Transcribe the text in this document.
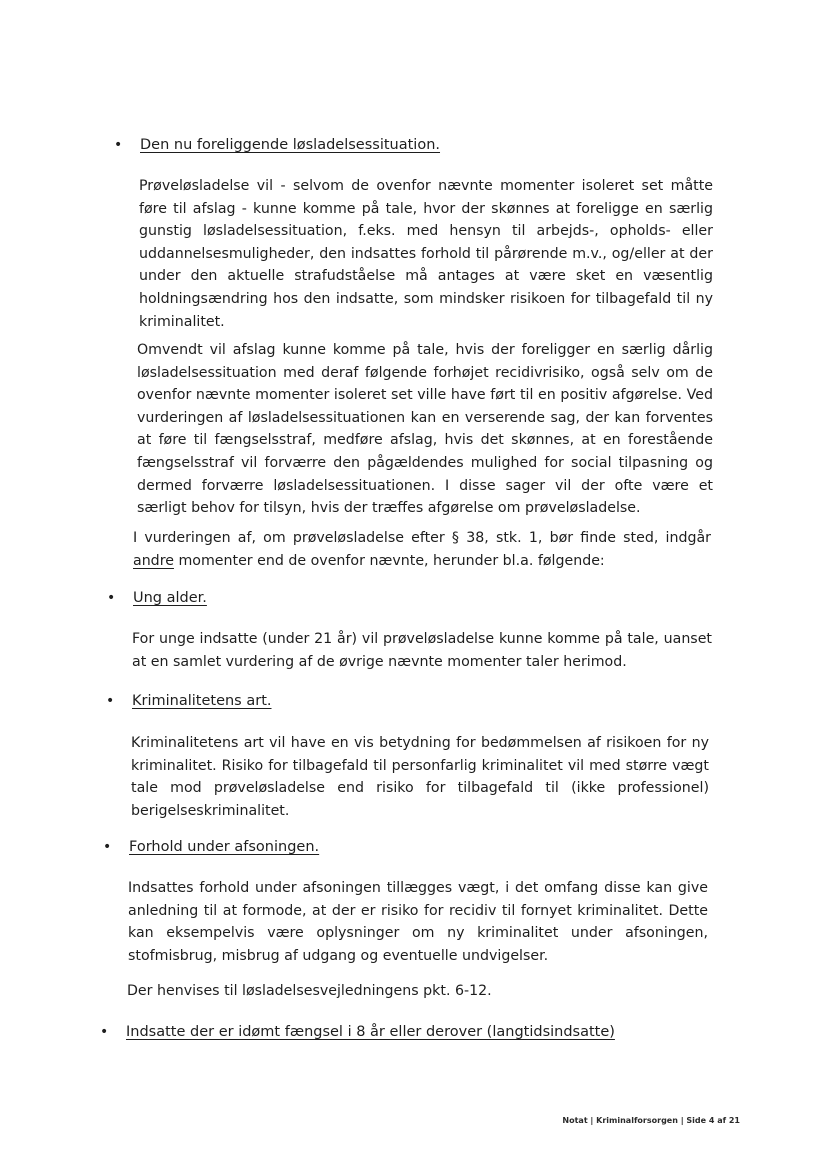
• Den nu foreliggende løsladelsessituation.

Prøveløsladelse vil - selvom de ovenfor nævnte momenter isoleret set måtte føre til afslag - kunne komme på tale, hvor der skønnes at foreligge en særlig gunstig løsladelsessituation, f.eks. med hensyn til arbejds-, opholds- eller uddannelsesmuligheder, den indsattes forhold til pårørende m.v., og/eller at der under den aktuelle strafudståelse må antages at være sket en væsentlig holdningsændring hos den indsatte, som mindsker risikoen for tilbagefald til ny kriminalitet.

Omvendt vil afslag kunne komme på tale, hvis der foreligger en særlig dårlig løsladelsessituation med deraf følgende forhøjet recidivrisiko, også selv om de ovenfor nævnte momenter isoleret set ville have ført til en positiv afgørelse. Ved vurderingen af løsladelsessituationen kan en verserende sag, der kan forventes at føre til fængselsstraf, medføre afslag, hvis det skønnes, at en forestående fængselsstraf vil forværre den pågældendes mulighed for social tilpasning og dermed forværre løsladelsessituationen. I disse sager vil der ofte være et særligt behov for tilsyn, hvis der træffes afgørelse om prøveløsladelse.

I vurderingen af, om prøveløsladelse efter § 38, stk. 1, bør finde sted, indgår andre momenter end de ovenfor nævnte, herunder bl.a. følgende:

• Ung alder.

For unge indsatte (under 21 år) vil prøveløsladelse kunne komme på tale, uanset at en samlet vurdering af de øvrige nævnte momenter taler herimod.

• Kriminalitetens art.

Kriminalitetens art vil have en vis betydning for bedømmelsen af risikoen for ny kriminalitet. Risiko for tilbagefald til personfarlig kriminalitet vil med større vægt tale mod prøveløsladelse end risiko for tilbagefald til (ikke professionel) berigelseskriminalitet.

• Forhold under afsoningen.

Indsattes forhold under afsoningen tillægges vægt, i det omfang disse kan give anledning til at formode, at der er risiko for recidiv til fornyet kriminalitet. Dette kan eksempelvis være oplysninger om ny kriminalitet under afsoningen, stofmisbrug, misbrug af udgang og eventuelle undvigelser.

Der henvises til løsladelsesvejledningens pkt. 6-12.

• Indsatte der er idømt fængsel i 8 år eller derover (langtidsindsatte)
Notat | Kriminalforsorgen | Side 4 af 21
